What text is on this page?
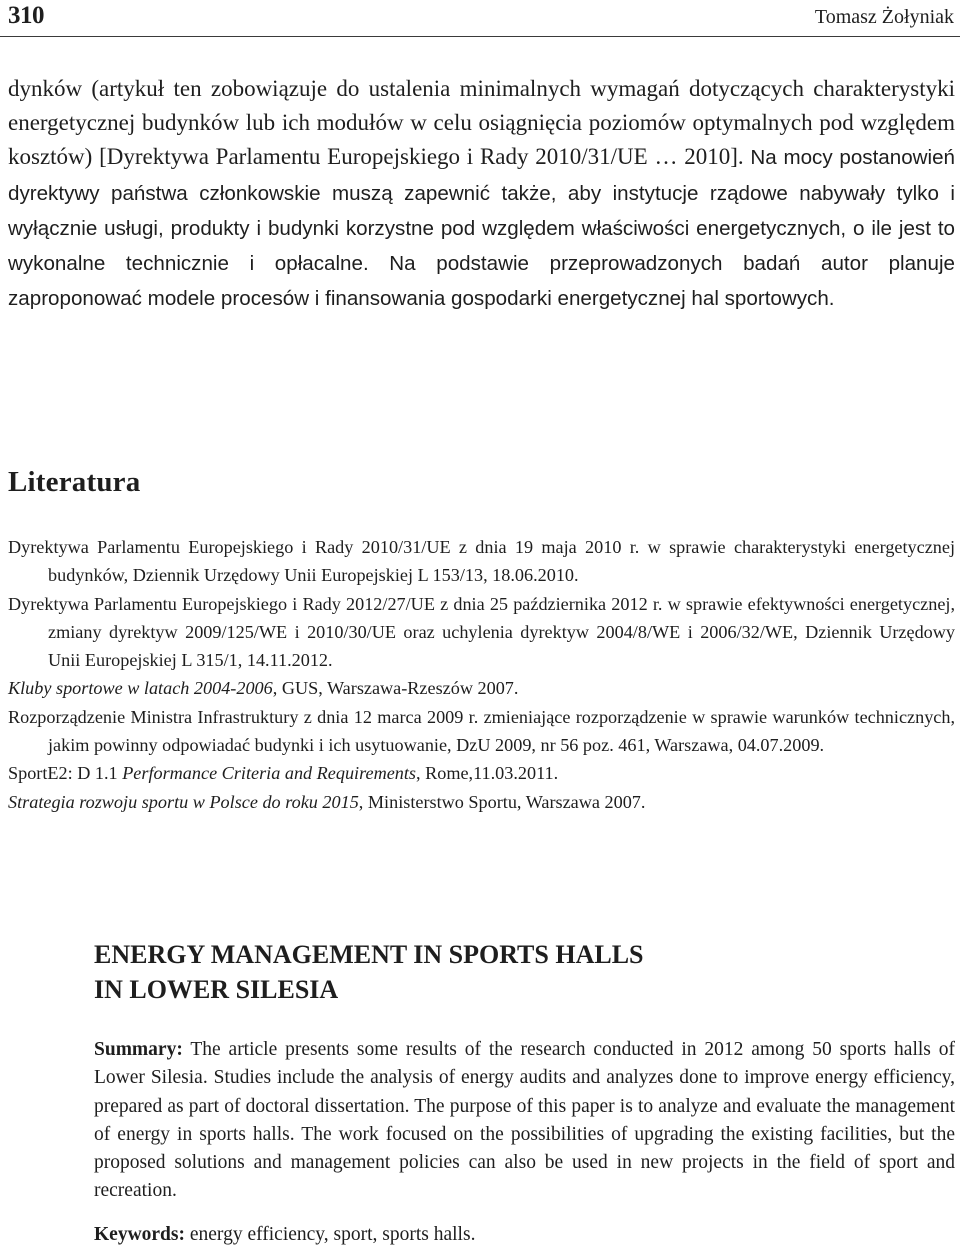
310	Tomasz Żołyniak

dynków (artykuł ten zobowiązuje do ustalenia minimalnych wymagań dotyczących charakterystyki energetycznej budynków lub ich modułów w celu osiągnięcia poziomów optymalnych pod względem kosztów) [Dyrektywa Parlamentu Europejskiego i Rady 2010/31/UE … 2010]. Na mocy postanowień dyrektywy państwa członkowskie muszą zapewnić także, aby instytucje rządowe nabywały tylko i wyłącznie usługi, produkty i budynki korzystne pod względem właściwości energetycznych, o ile jest to wykonalne technicznie i opłacalne. Na podstawie przeprowadzonych badań autor planuje zaproponować modele procesów i finansowania gospodarki energetycznej hal sportowych.

Literatura
Dyrektywa Parlamentu Europejskiego i Rady 2010/31/UE z dnia 19 maja 2010 r. w sprawie charakterystyki energetycznej budynków, Dziennik Urzędowy Unii Europejskiej L 153/13, 18.06.2010.
Dyrektywa Parlamentu Europejskiego i Rady 2012/27/UE z dnia 25 października 2012 r. w sprawie efektywności energetycznej, zmiany dyrektyw 2009/125/WE i 2010/30/UE oraz uchylenia dyrektyw 2004/8/WE i 2006/32/WE, Dziennik Urzędowy Unii Europejskiej L 315/1, 14.11.2012.
Kluby sportowe w latach 2004-2006, GUS, Warszawa-Rzeszów 2007.
Rozporządzenie Ministra Infrastruktury z dnia 12 marca 2009 r. zmieniające rozporządzenie w sprawie warunków technicznych, jakim powinny odpowiadać budynki i ich usytuowanie, DzU 2009, nr 56 poz. 461, Warszawa, 04.07.2009.
SportE2: D 1.1 Performance Criteria and Requirements, Rome,11.03.2011.
Strategia rozwoju sportu w Polsce do roku 2015, Ministerstwo Sportu, Warszawa 2007.
ENERGY MANAGEMENT IN SPORTS HALLS
IN LOWER SILESIA

Summary: The article presents some results of the research conducted in 2012 among 50 sports halls of Lower Silesia. Studies include the analysis of energy audits and analyzes done to improve energy efficiency, prepared as part of doctoral dissertation. The purpose of this paper is to analyze and evaluate the management of energy in sports halls. The work focused on the possibilities of upgrading the existing facilities, but the proposed solutions and management policies can also be used in new projects in the field of sport and recreation.

Keywords: energy efficiency, sport, sports halls.
